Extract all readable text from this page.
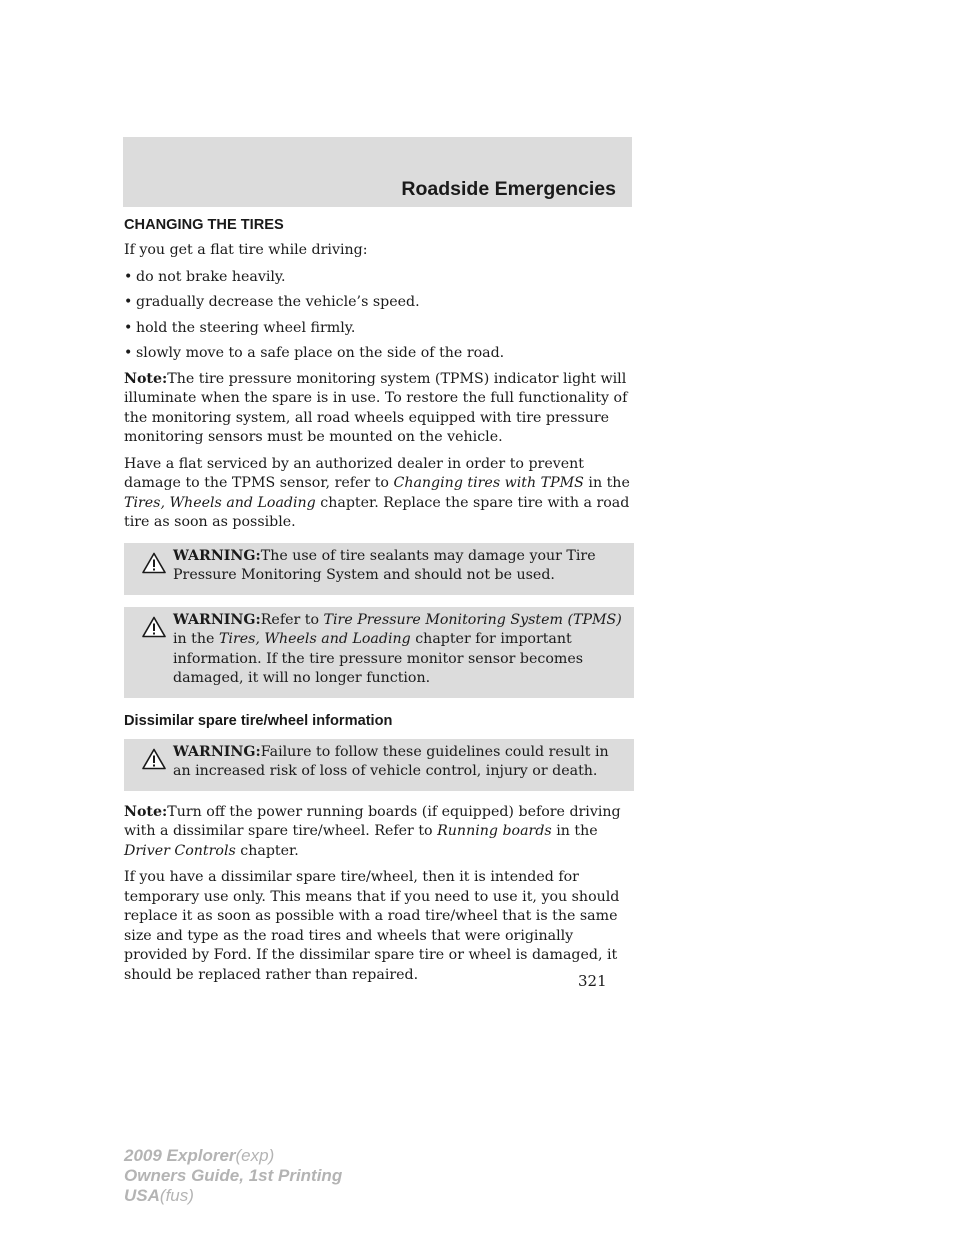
Roadside Emergencies

CHANGING THE TIRES

If you get a flat tire while driving:

• do not brake heavily.
• gradually decrease the vehicle’s speed.
• hold the steering wheel firmly.
• slowly move to a safe place on the side of the road.

Note:The tire pressure monitoring system (TPMS) indicator light will illuminate when the spare is in use. To restore the full functionality of the monitoring system, all road wheels equipped with tire pressure monitoring sensors must be mounted on the vehicle.

Have a flat serviced by an authorized dealer in order to prevent damage to the TPMS sensor, refer to Changing tires with TPMS in the Tires, Wheels and Loading chapter. Replace the spare tire with a road tire as soon as possible.

WARNING:The use of tire sealants may damage your Tire Pressure Monitoring System and should not be used.
WARNING:Refer to Tire Pressure Monitoring System (TPMS)
in the Tires, Wheels and Loading chapter for important information. If the tire pressure monitor sensor becomes damaged, it will no longer function.

Dissimilar spare tire/wheel information

WARNING:Failure to follow these guidelines could result in an increased risk of loss of vehicle control, injury or death.

Note:Turn off the power running boards (if equipped) before driving with a dissimilar spare tire/wheel. Refer to Running boards in the Driver Controls chapter.

If you have a dissimilar spare tire/wheel, then it is intended for temporary use only. This means that if you need to use it, you should replace it as soon as possible with a road tire/wheel that is the same size and type as the road tires and wheels that were originally provided by Ford. If the dissimilar spare tire or wheel is damaged, it should be replaced rather than repaired.	321
2009 Explorer(exp)
Owners Guide, 1st Printing
USA(fus)
